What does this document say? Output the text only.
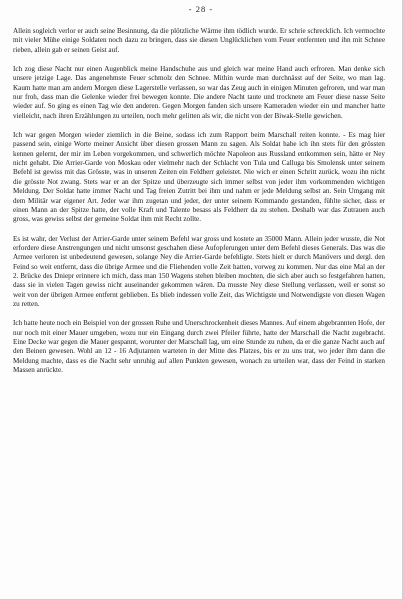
- 28 -

Allein sogleich verlor er auch seine Besinnung, da die plötzliche Wärme ihm tödlich wurde. Er schrie schrecklich. Ich vermochte mit vieler Mühe einige Soldaten noch dazu zu bringen, dass sie diesen Unglücklichen vom Feuer entfernten und ihn mit Schnee rieben, allein gab er seinen Geist auf.

Ich zog diese Nacht nur einen Augenblick meine Handschuhe aus und gleich war meine Hand auch erfroren. Man denke sich unsere jetzige Lage. Das angenehmste Feuer schmolz den Schnee. Mithin wurde man durchnässt auf der Seite, wo man lag. Kaum hatte man am andern Morgen diese Lagerstelle verlassen, so war das Zeug auch in einigen Minuten gefroren, und war man nur froh, dass man die Gelenke wieder frei bewegen konnte. Die andere Nacht taute und trocknete am Feuer diese nasse Seite wieder auf. So ging es einen Tag wie den anderen. Gegen Morgen fanden sich unsere Kameraden wieder ein und mancher hatte vielleicht, nach ihren Erzählungen zu urteilen, noch mehr gelitten als wir, die nicht von der Biwak-Stelle gewichen.

Ich war gegen Morgen wieder ziemlich in die Beine, sodass ich zum Rapport beim Marschall reiten konnte. - Es mag hier passend sein, einige Worte meiner Ansicht über diesen grossen Mann zu sagen. Als Soldat habe ich ihn stets für den grössten kennen gelernt, der mir im Leben vorgekommen, und schwerlich möchte Napoleon aus Russland entkommen sein, hätte er Ney nicht gehabt. Die Arrier-Garde von Moskau oder vielmehr nach der Schlacht von Tula und Calluga bis Smolensk unter seinem Befehl ist gewiss mit das Grösste, was in unseren Zeiten ein Feldherr geleistet. Nie wich er einen Schritt zurück, wozu ihn nicht die grösste Not zwang. Stets war er an der Spitze und überzeugte sich immer selbst von jeder ihm vorkommenden wichtigen Meldung. Der Soldat hatte immer Nacht und Tag freien Zutritt bei ihm und nahm er jede Meldung selbst an. Sein Umgang mit dem Militär war eigener Art. Jeder war ihm zugetan und jeder, der unter seinem Kommando gestanden, fühlte sicher, dass er einen Mann an der Spitze hatte, der volle Kraft und Talente besass als Feldherr da zu stehen. Deshalb war das Zutrauen auch gross, was gewiss selbst der gemeine Soldat ihm mit Recht zollte.

Es ist wahr, der Verlust der Arrier-Garde unter seinem Befehl war gross und kostete an 35000 Mann. Allein jeder wusste, die Not erfordere diese Anstrengungen und nicht umsonst geschahen diese Aufopferungen unter dem Befehl dieses Generals. Das was die Armee verloren ist unbedeutend gewesen, solange Ney die Arrier-Garde befehligte. Stets hielt er durch Manövers und dergl. den Feind so weit entfernt, dass die übrige Armee und die Fliehenden volle Zeit hatten, vorweg zu kommen. Nur das eine Mal an der 2. Brücke des Dniepr erinnere ich mich, dass man 150 Wagens stehen bleiben mochten, die sich aber auch so festgefahren hatten, dass sie in vielen Tagen gewiss nicht auseinander gekommen wären. Da musste Ney diese Stellung verlassen, weil er sonst so weit von der übrigen Armee entfernt geblieben. Es blieb indessen volle Zeit, das Wichtigste und Notwendigste von diesen Wagen zu retten.

Ich hatte heute noch ein Beispiel von der grossen Ruhe und Unerschrockenheit dieses Mannes. Auf einem abgebrannten Hofe, der nur noch mit einer Mauer umgeben, wozu nur ein Eingang durch zwei Pfeiler führte, hatte der Marschall die Nacht zugebracht. Eine Decke war gegen die Mauer gespannt, worunter der Marschall lag, um eine Stunde zu ruhen, da er die ganze Nacht auch auf den Beinen gewesen. Wohl an 12 - 16 Adjutanten warteten in der Mitte des Platzes, bis er zu uns trat, wo jeder ihm dann die Meldung machte, dass es die Nacht sehr unruhig auf allen Punkten gewesen, wonach zu urteilen war, dass der Feind in starken Massen anrückte.
